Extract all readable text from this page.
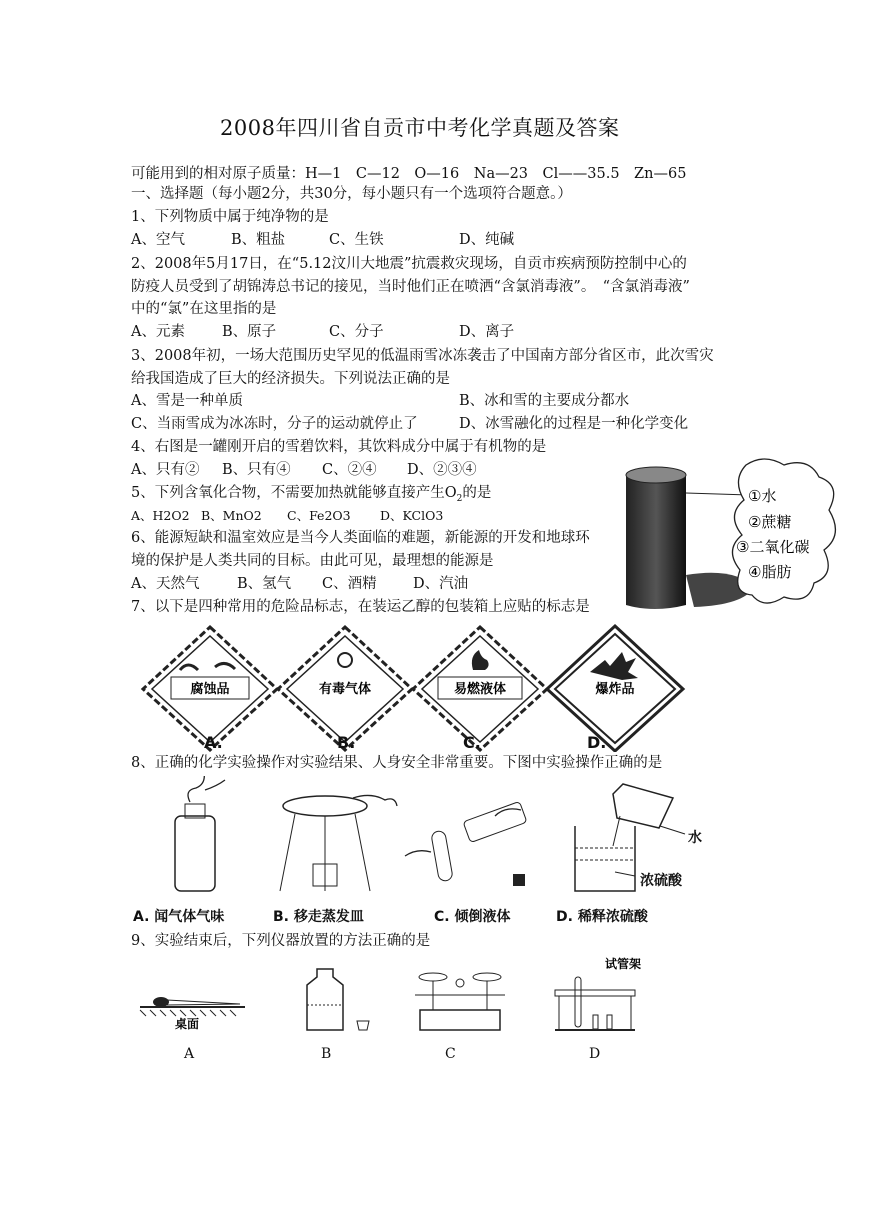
2008年四川省自贡市中考化学真题及答案
可能用到的相对原子质量：H—1　C—12　O—16　Na—23　Cl——35.5　Zn—65
一、选择题（每小题2分，共30分，每小题只有一个选项符合题意。）
1、下列物质中属于纯净物的是
A、空气	B、粗盐	C、生铁	D、纯碱
2、2008年5月17日，在“5.12汶川大地震”抗震救灾现场，自贡市疾病预防控制中心的
防疫人员受到了胡锦涛总书记的接见，当时他们正在喷洒“含氯消毒液”。　“含氯消毒液”
中的“氯”在这里指的是
A、元素	B、原子	C、分子	D、离子
3、2008年初，一场大范围历史罕见的低温雨雪冰冻袭击了中国南方部分省区市，此次雪灾
给我国造成了巨大的经济损失。下列说法正确的是
A、雪是一种单质	B、冰和雪的主要成分都水
C、当雨雪成为冰冻时，分子的运动就停止了	D、冰雪融化的过程是一种化学变化
4、右图是一罐刚开启的雪碧饮料，其饮料成分中属于有机物的是
A、只有② B、只有④ C、②④ D、②③④
5、下列含氧化合物，不需要加热就能够直接产生$O_2$的是
A、H2O2 B、MnO2 C、Fe2O3 D、KClO3
6、能源短缺和温室效应是当今人类面临的难题，新能源的开发和地球环
境的保护是人类共同的目标。由此可见，最理想的能源是
A、天然气	B、氢气 C、酒精	D、汽油
①水
②蔗糖
③二氧化碳
④脂肪
7、以下是四种常用的危险品标志，在装运乙醇的包装箱上应贴的标志是
腐蚀品	有毒气体	易燃液体	爆炸品
A.	B.	C.	D.
8、正确的化学实验操作对实验结果、人身安全非常重要。下图中实验操作正确的是
水
浓硫酸
A. 闻气体气味	B. 移走蒸发皿	C. 倾倒液体	D. 稀释浓硫酸
9、实验结束后，下列仪器放置的方法正确的是
桌面
试管架
A	B	C	D
